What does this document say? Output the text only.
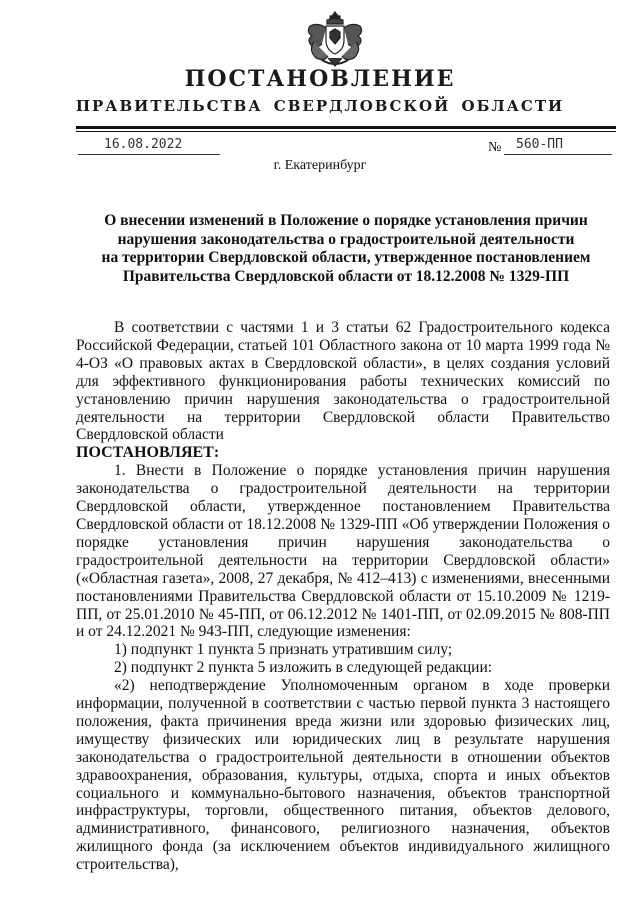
ПОСТАНОВЛЕНИЕ
ПРАВИТЕЛЬСТВА СВЕРДЛОВСКОЙ ОБЛАСТИ
16.08.2022	№ 560-ПП
г. Екатеринбург
О внесении изменений в Положение о порядке установления причин
нарушения законодательства о градостроительной деятельности
на территории Свердловской области, утвержденное постановлением
Правительства Свердловской области от 18.12.2008 № 1329-ПП

В соответствии с частями 1 и 3 статьи 62 Градостроительного кодекса Российской Федерации, статьей 101 Областного закона от 10 марта 1999 года № 4-ОЗ «О правовых актах в Свердловской области», в целях создания условий для эффективного функционирования работы технических комиссий по установлению причин нарушения законодательства о градостроительной деятельности на территории Свердловской области Правительство Свердловской области

ПОСТАНОВЛЯЕТ:

1. Внести в Положение о порядке установления причин нарушения законодательства о градостроительной деятельности на территории Свердловской области, утвержденное постановлением Правительства Свердловской области от 18.12.2008 № 1329-ПП «Об утверждении Положения о порядке установления причин нарушения законодательства о градостроительной деятельности на территории Свердловской области» («Областная газета», 2008, 27 декабря, № 412–413) с изменениями, внесенными постановлениями Правительства Свердловской области от 15.10.2009 № 1219-ПП, от 25.01.2010 № 45-ПП, от 06.12.2012 № 1401-ПП, от 02.09.2015 № 808-ПП и от 24.12.2021 № 943-ПП, следующие изменения:

1) подпункт 1 пункта 5 признать утратившим силу;

2) подпункт 2 пункта 5 изложить в следующей редакции:

«2) неподтверждение Уполномоченным органом в ходе проверки информации, полученной в соответствии с частью первой пункта 3 настоящего положения, факта причинения вреда жизни или здоровью физических лиц, имуществу физических или юридических лиц в результате нарушения законодательства о градостроительной деятельности в отношении объектов здравоохранения, образования, культуры, отдыха, спорта и иных объектов социального и коммунально-бытового назначения, объектов транспортной инфраструктуры, торговли, общественного питания, объектов делового, административного, финансового, религиозного назначения, объектов жилищного фонда (за исключением объектов индивидуального жилищного строительства),
